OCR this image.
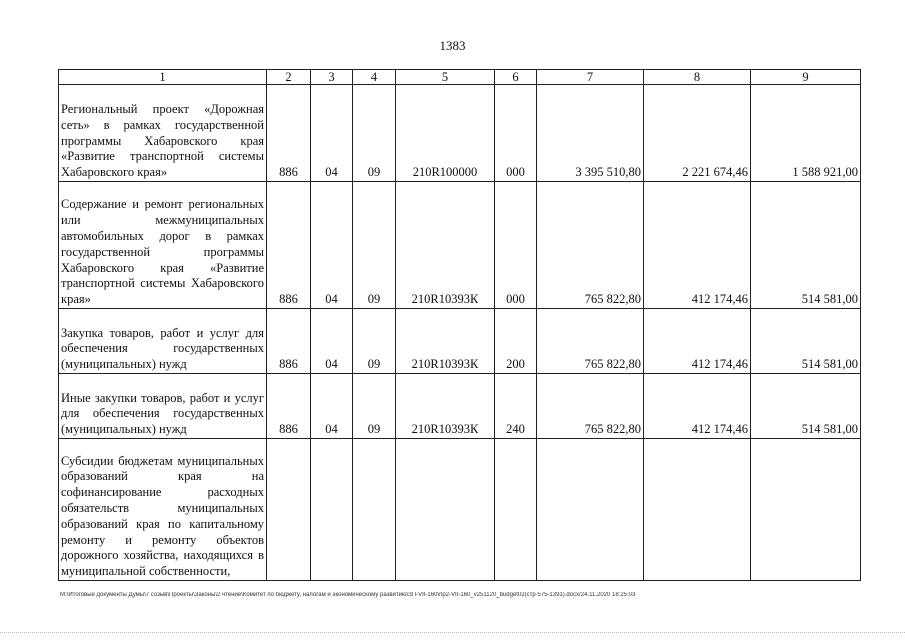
1383
1	2	3	4	5	6	7	8	9
Региональный проект «Дорожная сеть» в рамках государственной программы Хабаровского края «Развитие транспортной системы Хабаровского края»	886	04	09	210R100000	000	3 395 510,80	2 221 674,46	1 588 921,00
Содержание и ремонт региональных или межмуниципальных автомобильных дорог в рамках государственной программы Хабаровского края «Развитие транспортной системы Хабаровского края»	886	04	09	210R10393К	000	765 822,80	412 174,46	514 581,00
Закупка товаров, работ и услуг для обеспечения государственных (муниципальных) нужд	886	04	09	210R10393К	200	765 822,80	412 174,46	514 581,00
Иные закупки товаров, работ и услуг для обеспечения государственных (муниципальных) нужд	886	04	09	210R10393К	240	765 822,80	412 174,46	514 581,00
Субсидии бюджетам муниципальных образований края на софинансирование расходных обязательств муниципальных образований края по капитальному ремонту и ремонту объектов дорожного хозяйства, находящихся в муниципальной собственности,								
M:\Итоговые документы Думы\7 созыв\Проекты\Законы\2 чтение\Комитет по бюджету, налогам и экономическому развитию\ЗП-VII-160\пр2-VII-160_v251120_budget02(стр 575-1391).docx/24.11.2020 18:25:03
